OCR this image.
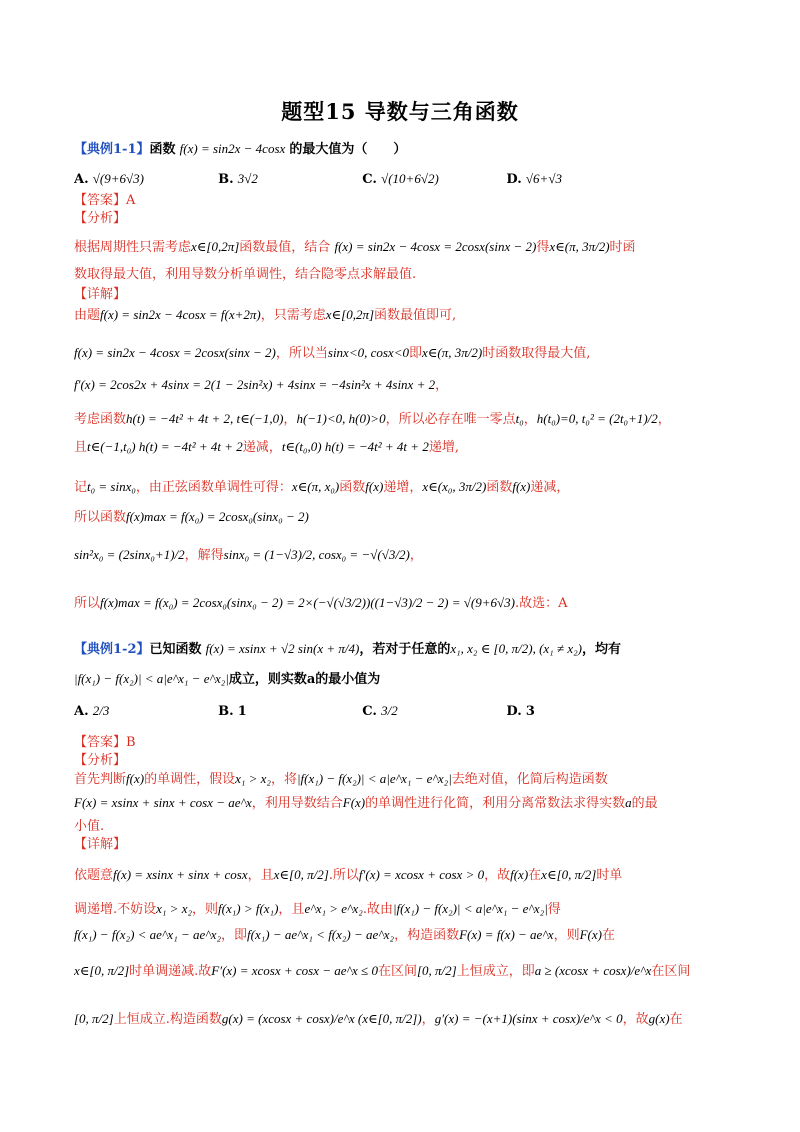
题型15 导数与三角函数
【典例1-1】函数 f(x) = sin2x − 4cosx 的最大值为（　　）
A. √(9+6√3)	B. 3√2	C. √(10+6√2)	D. √6+√3
【答案】A
【分析】
根据周期性只需考虑x∈[0,2π]函数最值，结合 f(x) = sin2x − 4cosx = 2cosx(sinx − 2)得x∈(π, 3π/2)时函
数取得最大值，利用导数分析单调性，结合隐零点求解最值.
【详解】
由题f(x) = sin2x − 4cosx = f(x+2π)，只需考虑x∈[0,2π]函数最值即可,
f(x) = sin2x − 4cosx = 2cosx(sinx − 2)，所以当sinx<0, cosx<0即x∈(π, 3π/2)时函数取得最大值,
f′(x) = 2cos2x + 4sinx = 2(1 − 2sin²x) + 4sinx = −4sin²x + 4sinx + 2，
考虑函数h(t) = −4t² + 4t + 2, t∈(−1,0)，h(−1)<0, h(0)>0，所以必存在唯一零点t₀，h(t₀)=0, t₀² = (2t₀+1)/2，
且t∈(−1,t₀) h(t) = −4t² + 4t + 2递减，t∈(t₀,0) h(t) = −4t² + 4t + 2递增,
记t₀ = sinx₀，由正弦函数单调性可得：x∈(π, x₀)函数f(x)递增，x∈(x₀, 3π/2)函数f(x)递减，
所以函数f(x)max = f(x₀) = 2cosx₀(sinx₀ − 2)
sin²x₀ = (2sinx₀+1)/2，解得sinx₀ = (1−√3)/2, cosx₀ = −√(√3/2)，
所以f(x)max = f(x₀) = 2cosx₀(sinx₀ − 2) = 2×(−√(√3/2))((1−√3)/2 − 2) = √(9+6√3).故选：A
【典例1-2】已知函数 f(x) = xsinx + √2 sin(x + π/4)，若对于任意的x₁, x₂ ∈ [0, π/2), (x₁ ≠ x₂)，均有
|f(x₁) − f(x₂)| < a|e^x₁ − e^x₂|成立，则实数a的最小值为
A. 2/3	B. 1	C. 3/2	D. 3
【答案】B
【分析】
首先判断f(x)的单调性，假设x₁ > x₂，将|f(x₁) − f(x₂)| < a|e^x₁ − e^x₂|去绝对值，化简后构造函数
F(x) = xsinx + sinx + cosx − ae^x，利用导数结合F(x)的单调性进行化简，利用分离常数法求得实数a的最
小值.
【详解】
依题意f(x) = xsinx + sinx + cosx，且x∈[0, π/2].所以f′(x) = xcosx + cosx > 0，故f(x)在x∈[0, π/2]时单
调递增.不妨设x₁ > x₂，则f(x₁) > f(x₁)，且e^x₁ > e^x₂.故由|f(x₁) − f(x₂)| < a|e^x₁ − e^x₂|得
f(x₁) − f(x₂) < ae^x₁ − ae^x₂，即f(x₁) − ae^x₁ < f(x₂) − ae^x₂，构造函数F(x) = f(x) − ae^x，则F(x)在
x∈[0, π/2]时单调递减.故F′(x) = xcosx + cosx − ae^x ≤ 0在区间[0, π/2]上恒成立，即a ≥ (xcosx + cosx)/e^x在区间
[0, π/2]上恒成立.构造函数g(x) = (xcosx + cosx)/e^x (x∈[0, π/2])，g′(x) = −(x+1)(sinx + cosx)/e^x < 0，故g(x)在
